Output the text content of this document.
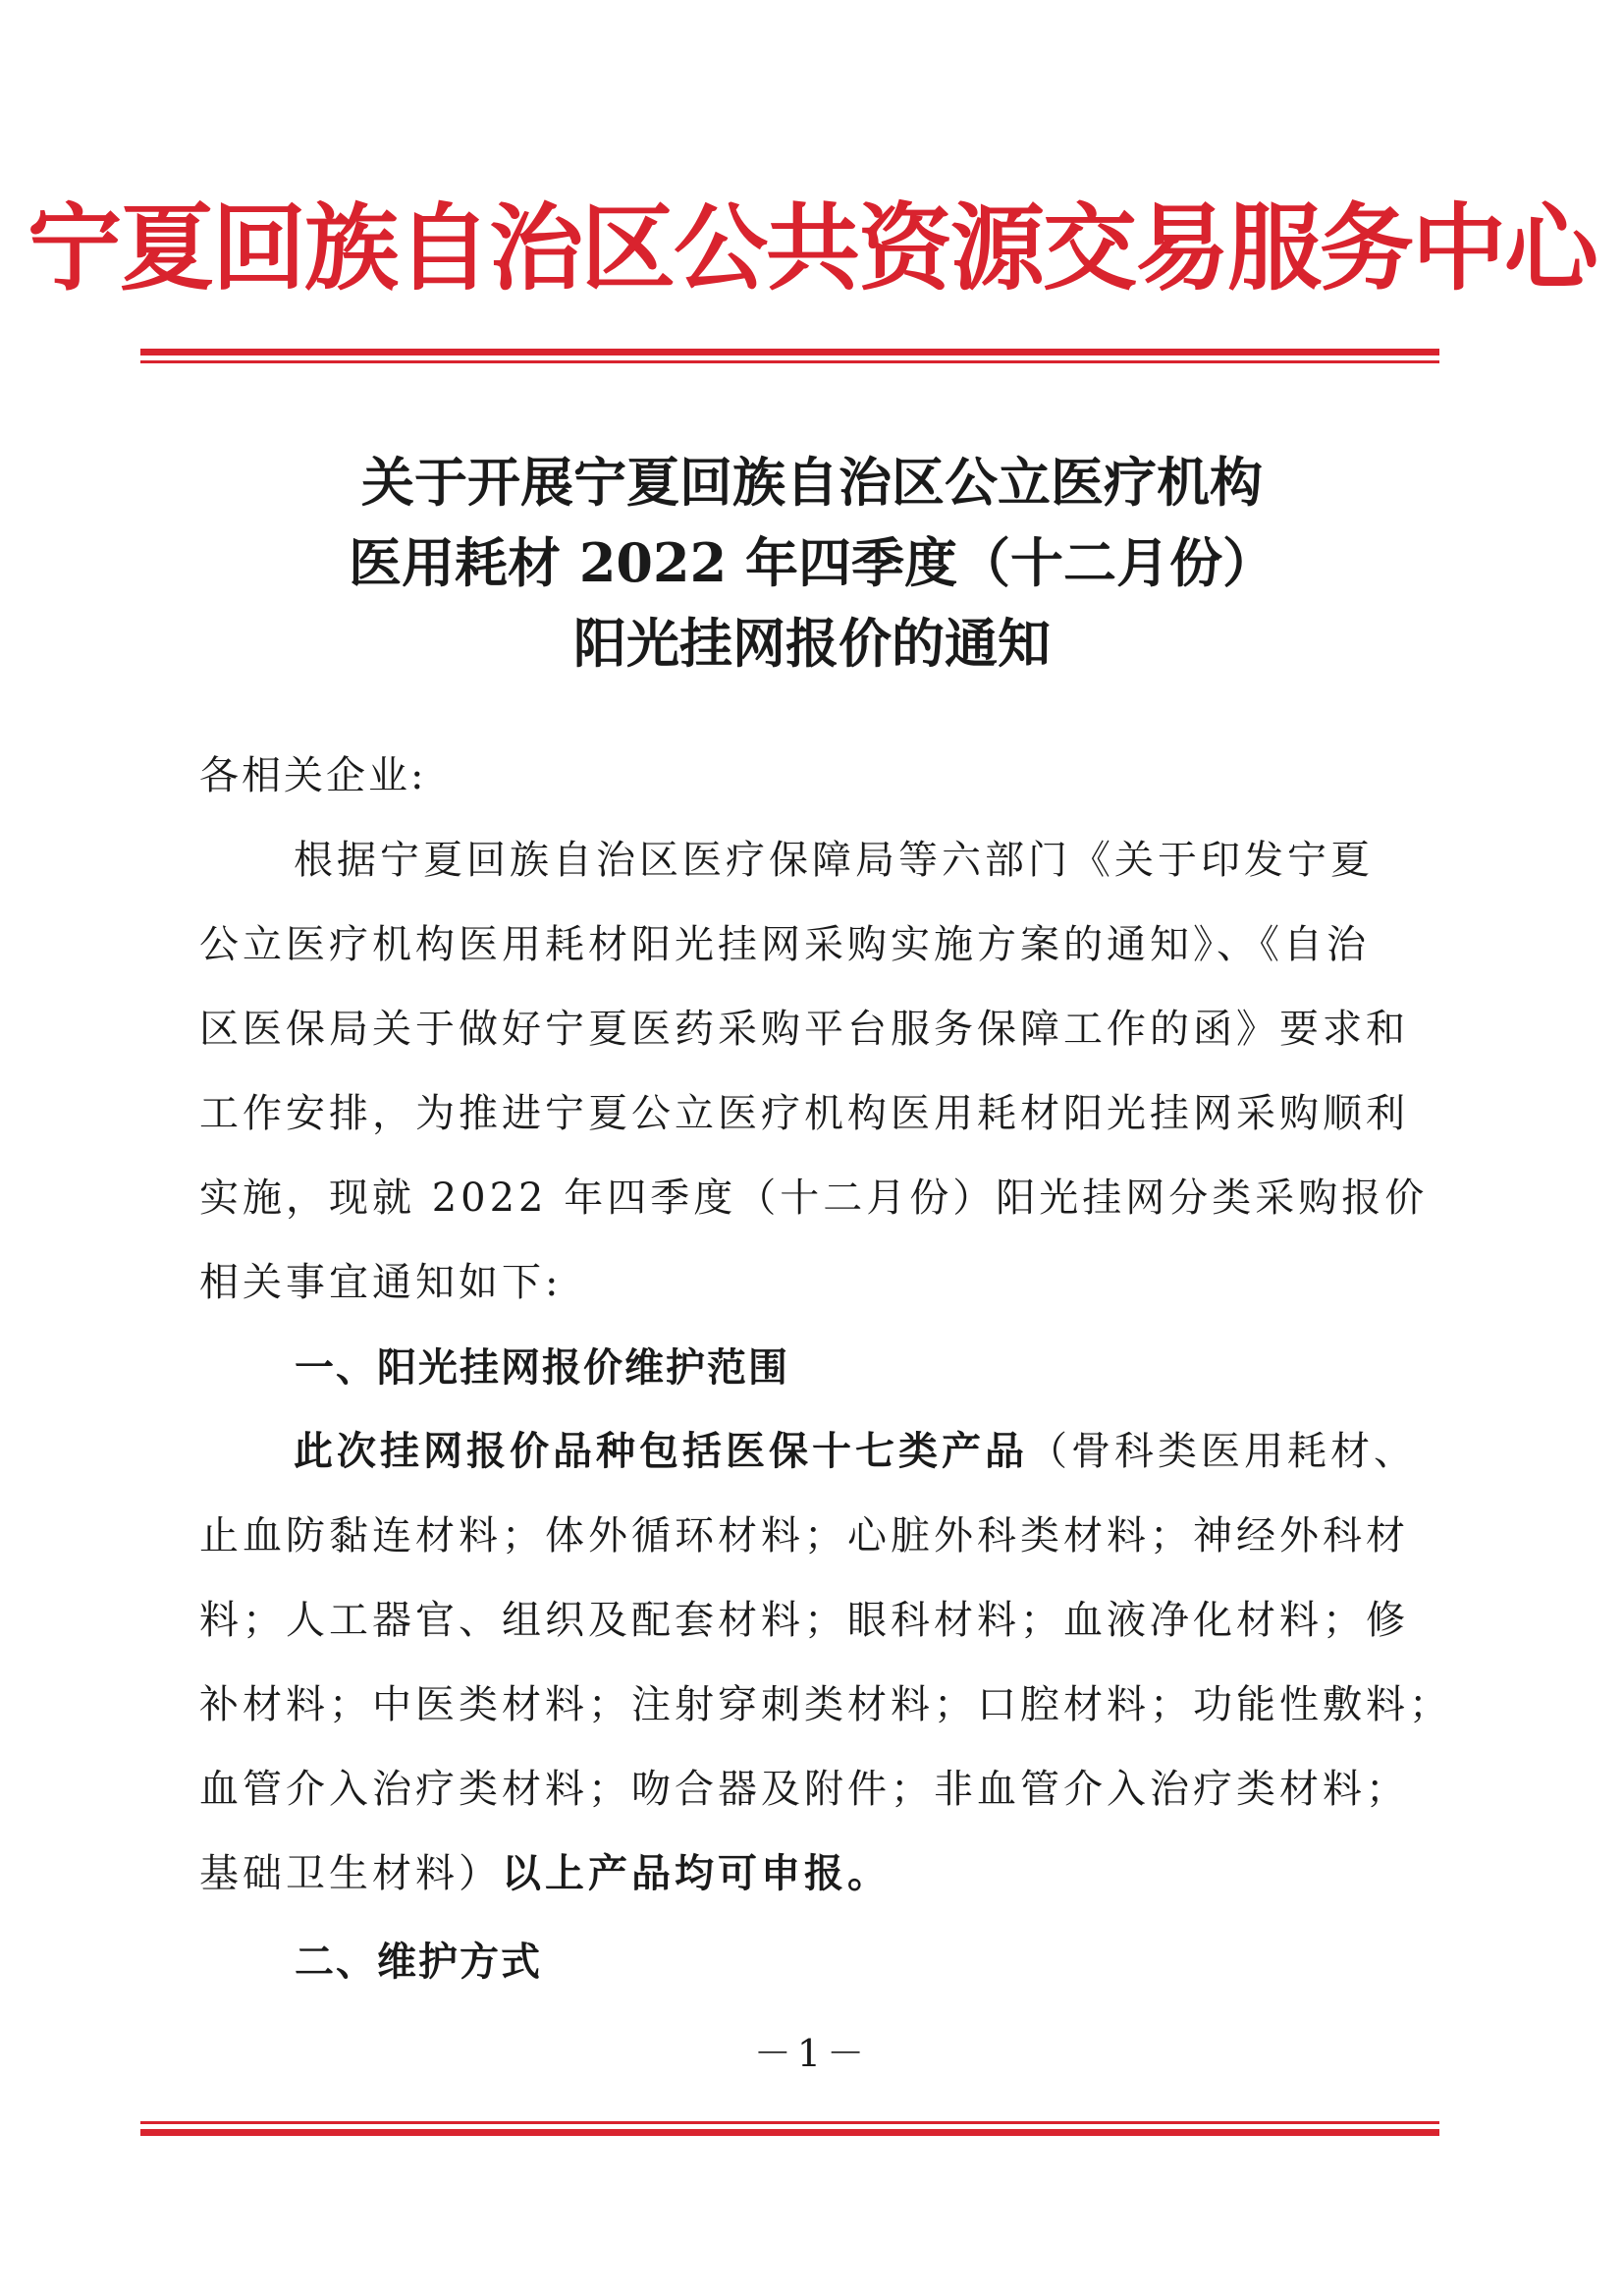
宁夏回族自治区公共资源交易服务中心
关于开展宁夏回族自治区公立医疗机构
医用耗材 2022 年四季度（十二月份）
阳光挂网报价的通知
各相关企业:
根据宁夏回族自治区医疗保障局等六部门《关于印发宁夏
公立医疗机构医用耗材阳光挂网采购实施方案的通知》、《自治
区医保局关于做好宁夏医药采购平台服务保障工作的函》要求和
工作安排，为推进宁夏公立医疗机构医用耗材阳光挂网采购顺利
实施，现就 2022 年四季度（十二月份）阳光挂网分类采购报价
相关事宜通知如下:
一、阳光挂网报价维护范围
此次挂网报价品种包括医保十七类产品（骨科类医用耗材、
止血防黏连材料；体外循环材料；心脏外科类材料；神经外科材
料；人工器官、组织及配套材料；眼科材料；血液净化材料；修
补材料；中医类材料；注射穿刺类材料；口腔材料；功能性敷料；
血管介入治疗类材料；吻合器及附件；非血管介入治疗类材料；
基础卫生材料）以上产品均可申报。
二、维护方式
－1－
